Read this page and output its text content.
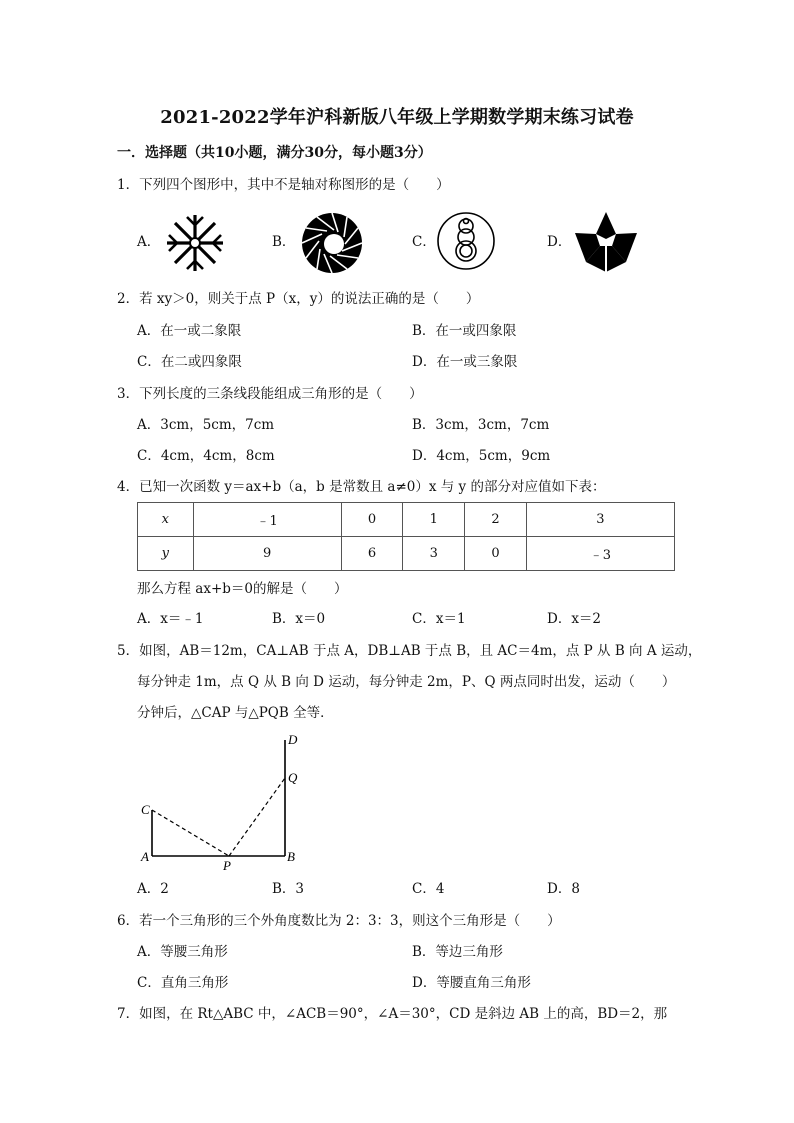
2021-2022学年沪科新版八年级上学期数学期末练习试卷
一．选择题（共10小题，满分30分，每小题3分）
1．下列四个图形中，其中不是轴对称图形的是（　　）
A．	B．	C．	D．
2．若 xy＞0，则关于点 P（x，y）的说法正确的是（　　）
A．在一或二象限	B．在一或四象限
C．在二或四象限	D．在一或三象限
3．下列长度的三条线段能组成三角形的是（　　）
A．3cm，5cm，7cm	B．3cm，3cm，7cm
C．4cm，4cm，8cm	D．4cm，5cm，9cm
4．已知一次函数 y＝ax+b（a，b 是常数且 a≠0）x 与 y 的部分对应值如下表：
x	﹣1	0	1	2	3
y	9	6	3	0	﹣3
那么方程 ax+b＝0的解是（　　）
A．x＝﹣1	B．x＝0	C．x＝1	D．x＝2
5．如图，AB＝12m，CA⊥AB 于点 A，DB⊥AB 于点 B，且 AC＝4m，点 P 从 B 向 A 运动，
每分钟走 1m，点 Q 从 B 向 D 运动，每分钟走 2m，P、Q 两点同时出发，运动（　　）
分钟后，△CAP 与△PQB 全等．
C
A
P
B
Q
D
A．2	B．3	C．4	D．8
6．若一个三角形的三个外角度数比为 2：3：3，则这个三角形是（　　）
A．等腰三角形	B．等边三角形
C．直角三角形	D．等腰直角三角形
7．如图，在 Rt△ABC 中，∠ACB＝90°，∠A＝30°，CD 是斜边 AB 上的高，BD＝2，那
